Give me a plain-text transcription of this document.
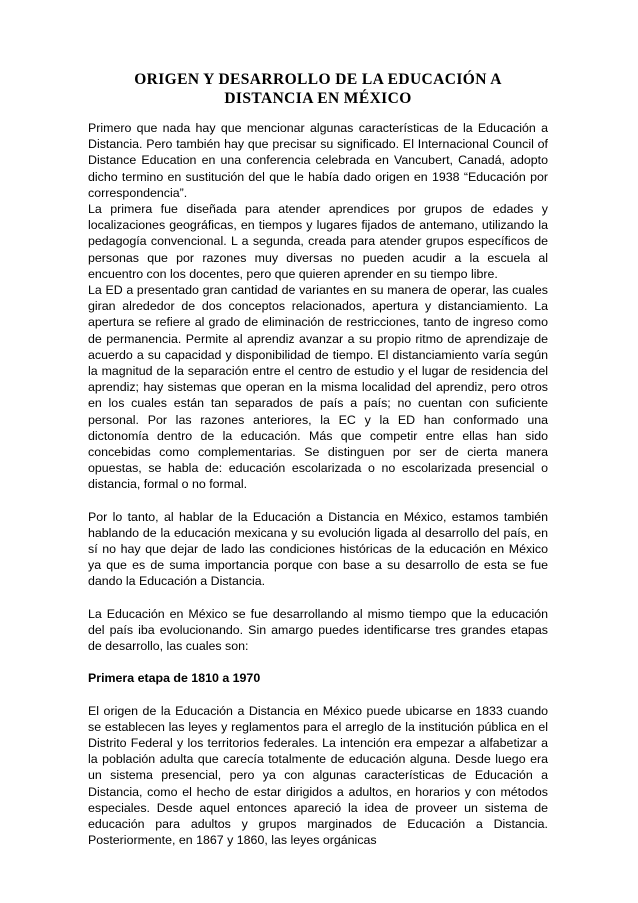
ORIGEN Y DESARROLLO DE LA EDUCACIÓN A
DISTANCIA EN MÉXICO

Primero que nada hay que mencionar algunas características de la Educación a Distancia. Pero también hay que precisar su significado. El Internacional Council of Distance Education en una conferencia celebrada en Vancubert, Canadá, adopto dicho termino en sustitución del que le había dado origen en 1938 “Educación por correspondencia”.

La primera fue diseñada para atender aprendices por grupos de edades y localizaciones geográficas, en tiempos y lugares fijados de antemano, utilizando la pedagogía convencional. L a segunda, creada para atender grupos específicos de personas que por razones muy diversas no pueden acudir a la escuela al encuentro con los docentes, pero que quieren aprender en su tiempo libre.

La ED a presentado gran cantidad de variantes en su manera de operar, las cuales giran alrededor de dos conceptos relacionados, apertura y distanciamiento. La apertura se refiere al grado de eliminación de restricciones, tanto de ingreso como de permanencia. Permite al aprendiz avanzar a su propio ritmo de aprendizaje de acuerdo a su capacidad y disponibilidad de tiempo. El distanciamiento varía según la magnitud de la separación entre el centro de estudio y el lugar de residencia del aprendiz; hay sistemas que operan en la misma localidad del aprendiz, pero otros en los cuales están tan separados de país a país; no cuentan con suficiente personal. Por las razones anteriores, la EC y la ED han conformado una dictonomía dentro de la educación. Más que competir entre ellas han sido concebidas como complementarias. Se distinguen por ser de cierta manera opuestas, se habla de: educación escolarizada o no escolarizada presencial o distancia, formal o no formal.

Por lo tanto, al hablar de la Educación a Distancia en México, estamos también hablando de la educación mexicana y su evolución ligada al desarrollo del país, en sí no hay que dejar de lado las condiciones históricas de la educación en México ya que es de suma importancia porque con base a su desarrollo de esta se fue dando la Educación a Distancia.

La Educación en México se fue desarrollando al mismo tiempo que la educación del país iba evolucionando. Sin amargo puedes identificarse tres grandes etapas de desarrollo, las cuales son:

Primera etapa de 1810 a 1970

El origen de la Educación a Distancia en México puede ubicarse en 1833 cuando se establecen las leyes y reglamentos para el arreglo de la institución pública en el Distrito Federal y los territorios federales. La intención era empezar a alfabetizar a la población adulta que carecía totalmente de educación alguna. Desde luego era un sistema presencial, pero ya con algunas características de Educación a Distancia, como el hecho de estar dirigidos a adultos, en horarios y con métodos especiales. Desde aquel entonces apareció la idea de proveer un sistema de educación para adultos y grupos marginados de Educación a Distancia. Posteriormente, en 1867 y 1860, las leyes orgánicas
